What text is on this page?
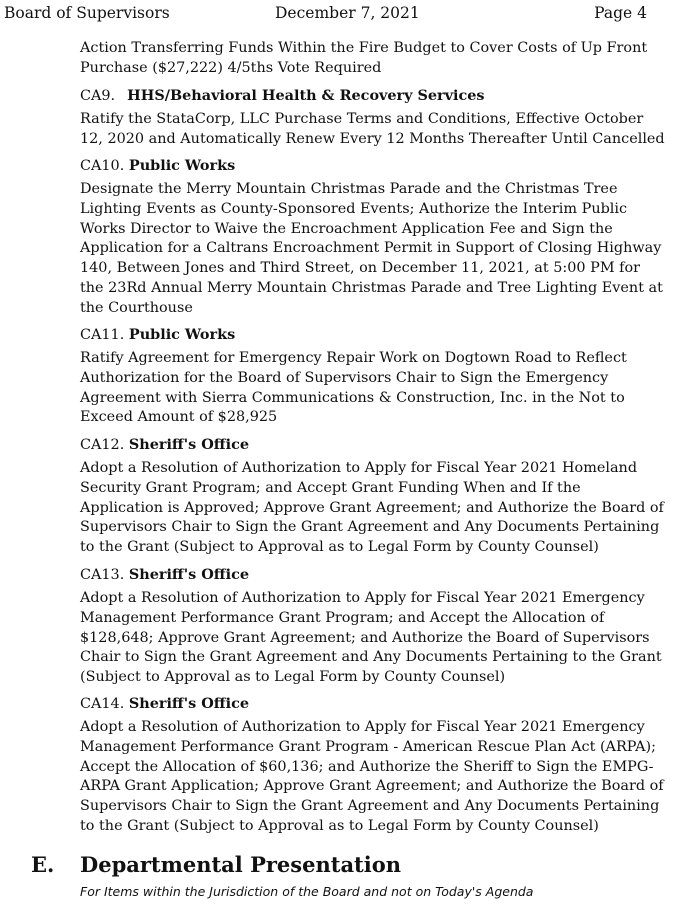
Board of Supervisors	December 7, 2021	Page 4
Action Transferring Funds Within the Fire Budget to Cover Costs of Up Front
Purchase ($27,222) 4/5ths Vote Required
CA9. HHS/Behavioral Health & Recovery Services
Ratify the StataCorp, LLC Purchase Terms and Conditions, Effective October
12, 2020 and Automatically Renew Every 12 Months Thereafter Until Cancelled
CA10. Public Works
Designate the Merry Mountain Christmas Parade and the Christmas Tree
Lighting Events as County-Sponsored Events; Authorize the Interim Public
Works Director to Waive the Encroachment Application Fee and Sign the
Application for a Caltrans Encroachment Permit in Support of Closing Highway
140, Between Jones and Third Street, on December 11, 2021, at 5:00 PM for
the 23Rd Annual Merry Mountain Christmas Parade and Tree Lighting Event at
the Courthouse
CA11. Public Works
Ratify Agreement for Emergency Repair Work on Dogtown Road to Reflect
Authorization for the Board of Supervisors Chair to Sign the Emergency
Agreement with Sierra Communications & Construction, Inc. in the Not to
Exceed Amount of $28,925
CA12. Sheriff's Office
Adopt a Resolution of Authorization to Apply for Fiscal Year 2021 Homeland
Security Grant Program; and Accept Grant Funding When and If the
Application is Approved; Approve Grant Agreement; and Authorize the Board of
Supervisors Chair to Sign the Grant Agreement and Any Documents Pertaining
to the Grant (Subject to Approval as to Legal Form by County Counsel)
CA13. Sheriff's Office
Adopt a Resolution of Authorization to Apply for Fiscal Year 2021 Emergency
Management Performance Grant Program; and Accept the Allocation of
$128,648; Approve Grant Agreement; and Authorize the Board of Supervisors
Chair to Sign the Grant Agreement and Any Documents Pertaining to the Grant
(Subject to Approval as to Legal Form by County Counsel)
CA14. Sheriff's Office
Adopt a Resolution of Authorization to Apply for Fiscal Year 2021 Emergency
Management Performance Grant Program - American Rescue Plan Act (ARPA);
Accept the Allocation of $60,136; and Authorize the Sheriff to Sign the EMPG-
ARPA Grant Application; Approve Grant Agreement; and Authorize the Board of
Supervisors Chair to Sign the Grant Agreement and Any Documents Pertaining
to the Grant (Subject to Approval as to Legal Form by County Counsel)
E. Departmental Presentation
For Items within the Jurisdiction of the Board and not on Today's Agenda
